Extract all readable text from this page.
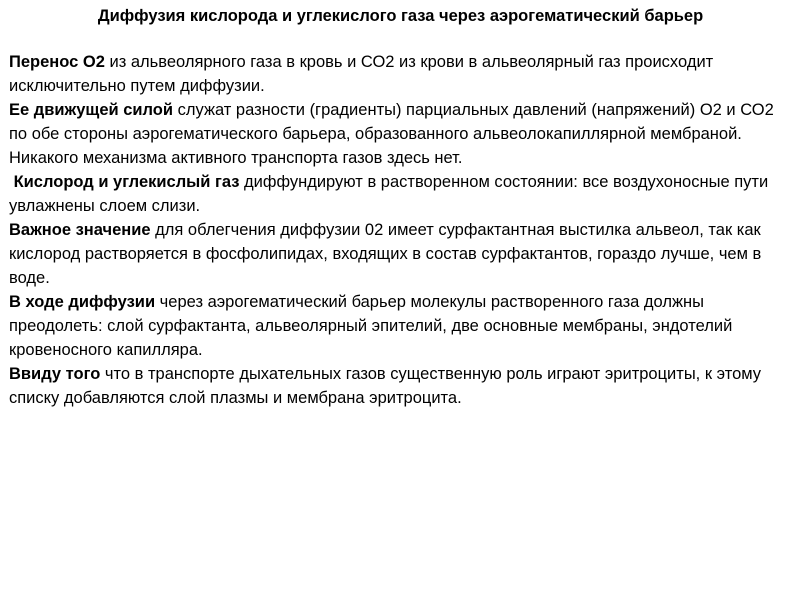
Диффузия кислорода и углекислого газа через аэрогематический барьер

Перенос О2 из альвеолярного газа в кровь и СО2 из крови в альвеолярный газ происходит исключительно путем диффузии.

Ее движущей силой служат разности (градиенты) парциальных давлений (напряжений) О2 и СО2 по обе стороны аэрогематического барьера, образованного альвеолокапиллярной мембраной. Никакого механизма активного транспорта газов здесь нет.

Кислород и углекислый газ диффундируют в растворенном состоянии: все воздухоносные пути увлажнены слоем слизи.

Важное значение для облегчения диффузии 02 имеет сурфактантная выстилка альвеол, так как кислород растворяется в фосфолипидах, входящих в состав сурфактантов, гораздо лучше, чем в воде.

В ходе диффузии через аэрогематический барьер молекулы растворенного газа должны преодолеть: слой сурфактанта, альвеолярный эпителий, две основные мембраны, эндотелий кровеносного капилляра.

Ввиду того что в транспорте дыхательных газов существенную роль играют эритроциты, к этому списку добавляются слой плазмы и мембрана эритроцита.
